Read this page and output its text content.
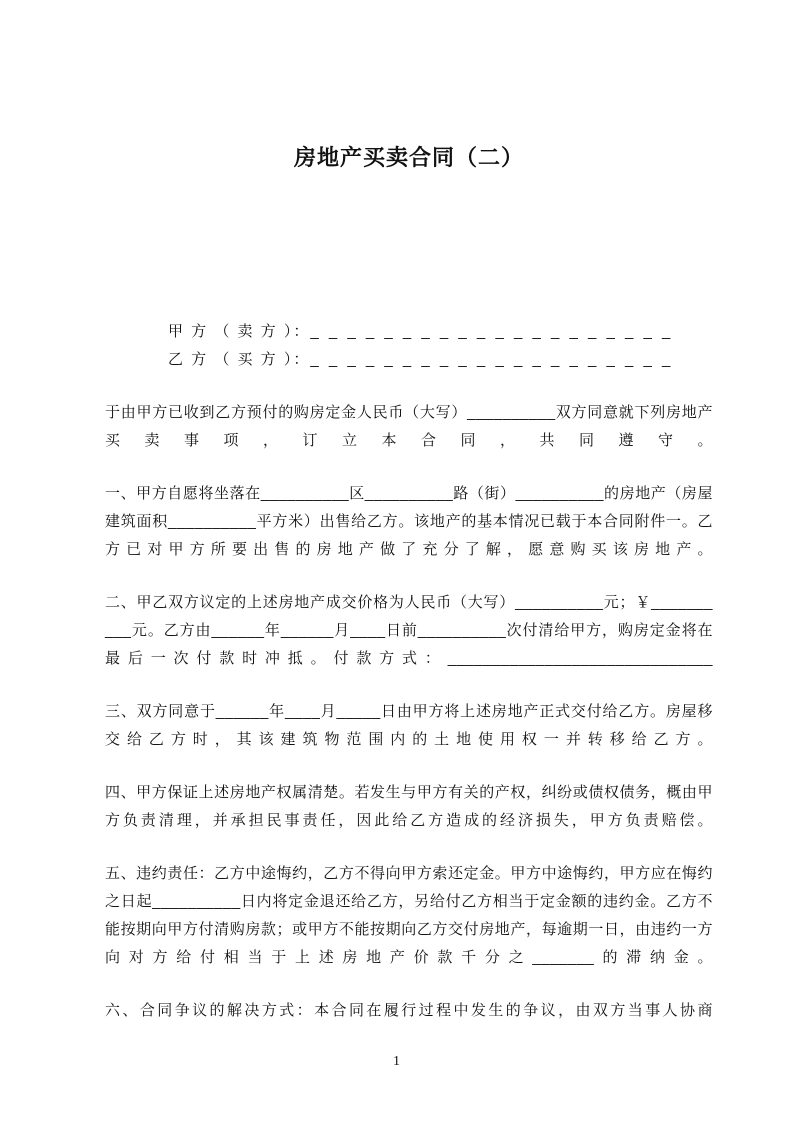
房地产买卖合同（二）
甲 方 （ 卖 方 ）：_ _ _ _ _ _ _ _ _ _ _ _ _ _ _ _ _ _ _ _
乙 方 （ 买 方 ）：_ _ _ _ _ _ _ _ _ _ _ _ _ _ _ _ _ _ _ _

于由甲方已收到乙方预付的购房定金人民币（大写）__________双方同意就下列房地产买卖事项，订立本合同，共同遵守。

一、甲方自愿将坐落在__________区__________路（街）__________的房地产（房屋建筑面积__________平方米）出售给乙方。该地产的基本情况已载于本合同附件一。乙方已对甲方所要出售的房地产做了充分了解，愿意购买该房地产。

二、甲乙双方议定的上述房地产成交价格为人民币（大写）__________元；￥__________元。乙方由______年______月____日前__________次付清给甲方，购房定金将在最后一次付款时冲抵。付款方式：______________________________

三、双方同意于______年____月_____日由甲方将上述房地产正式交付给乙方。房屋移交给乙方时，其该建筑物范围内的土地使用权一并转移给乙方。

四、甲方保证上述房地产权属清楚。若发生与甲方有关的产权，纠纷或债权债务，概由甲方负责清理，并承担民事责任，因此给乙方造成的经济损失，甲方负责赔偿。

五、违约责任：乙方中途悔约，乙方不得向甲方索还定金。甲方中途悔约，甲方应在悔约之日起__________日内将定金退还给乙方，另给付乙方相当于定金额的违约金。乙方不能按期向甲方付清购房款；或甲方不能按期向乙方交付房地产，每逾期一日，由违约一方向对方给付相当于上述房地产价款千分之_______的滞纳金。

六、合同争议的解决方式：本合同在履行过程中发生的争议，由双方当事人协商

1
